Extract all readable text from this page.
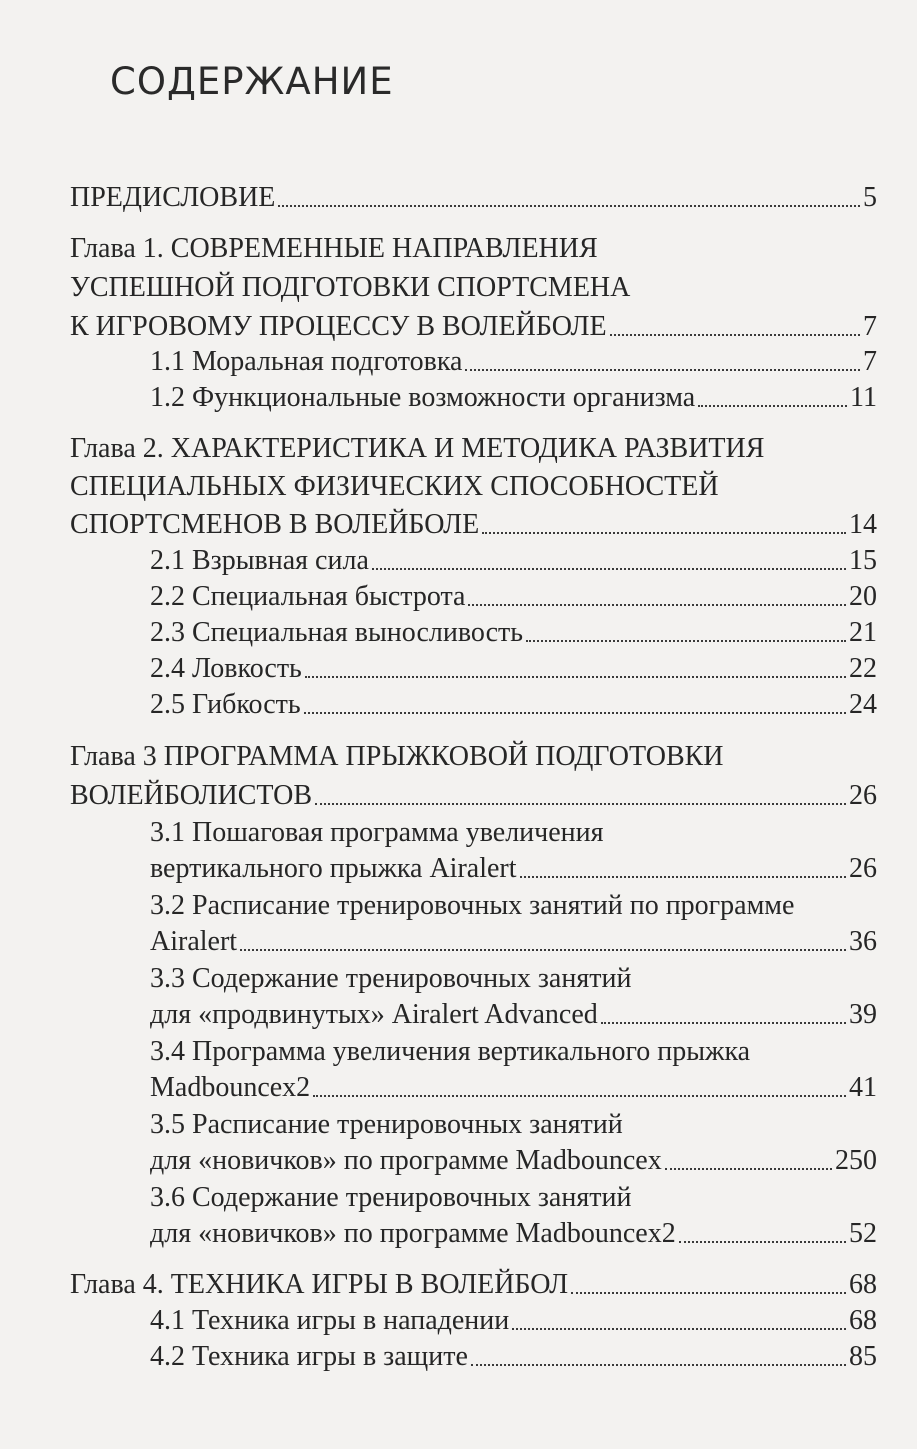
СОДЕРЖАНИЕ
ПРЕДИСЛОВИЕ	5
Глава 1. СОВРЕМЕННЫЕ НАПРАВЛЕНИЯ
УСПЕШНОЙ ПОДГОТОВКИ СПОРТСМЕНА
К ИГРОВОМУ ПРОЦЕССУ В ВОЛЕЙБОЛЕ	7
1.1 Моральная подготовка	7
1.2 Функциональные возможности организма	11
Глава 2. ХАРАКТЕРИСТИКА И МЕТОДИКА РАЗВИТИЯ
СПЕЦИАЛЬНЫХ ФИЗИЧЕСКИХ СПОСОБНОСТЕЙ
СПОРТСМЕНОВ В ВОЛЕЙБОЛЕ	14
2.1 Взрывная сила	15
2.2 Специальная быстрота	20
2.3 Специальная выносливость	21
2.4 Ловкость	22
2.5 Гибкость	24
Глава 3 ПРОГРАММА ПРЫЖКОВОЙ ПОДГОТОВКИ
ВОЛЕЙБОЛИСТОВ	26
3.1 Пошаговая программа увеличения
вертикального прыжка Airalert	26
3.2 Расписание тренировочных занятий по программе
Airalert	36
3.3 Содержание тренировочных занятий
для «продвинутых» Airalert Advanced	39
3.4 Программа увеличения вертикального прыжка
Madbouncex2	41
3.5 Расписание тренировочных занятий
для «новичков» по программе Madbouncex	250
3.6 Содержание тренировочных занятий
для «новичков» по программе Madbouncex2	52
Глава 4. ТЕХНИКА ИГРЫ В ВОЛЕЙБОЛ	68
4.1 Техника игры в нападении	68
4.2 Техника игры в защите	85
